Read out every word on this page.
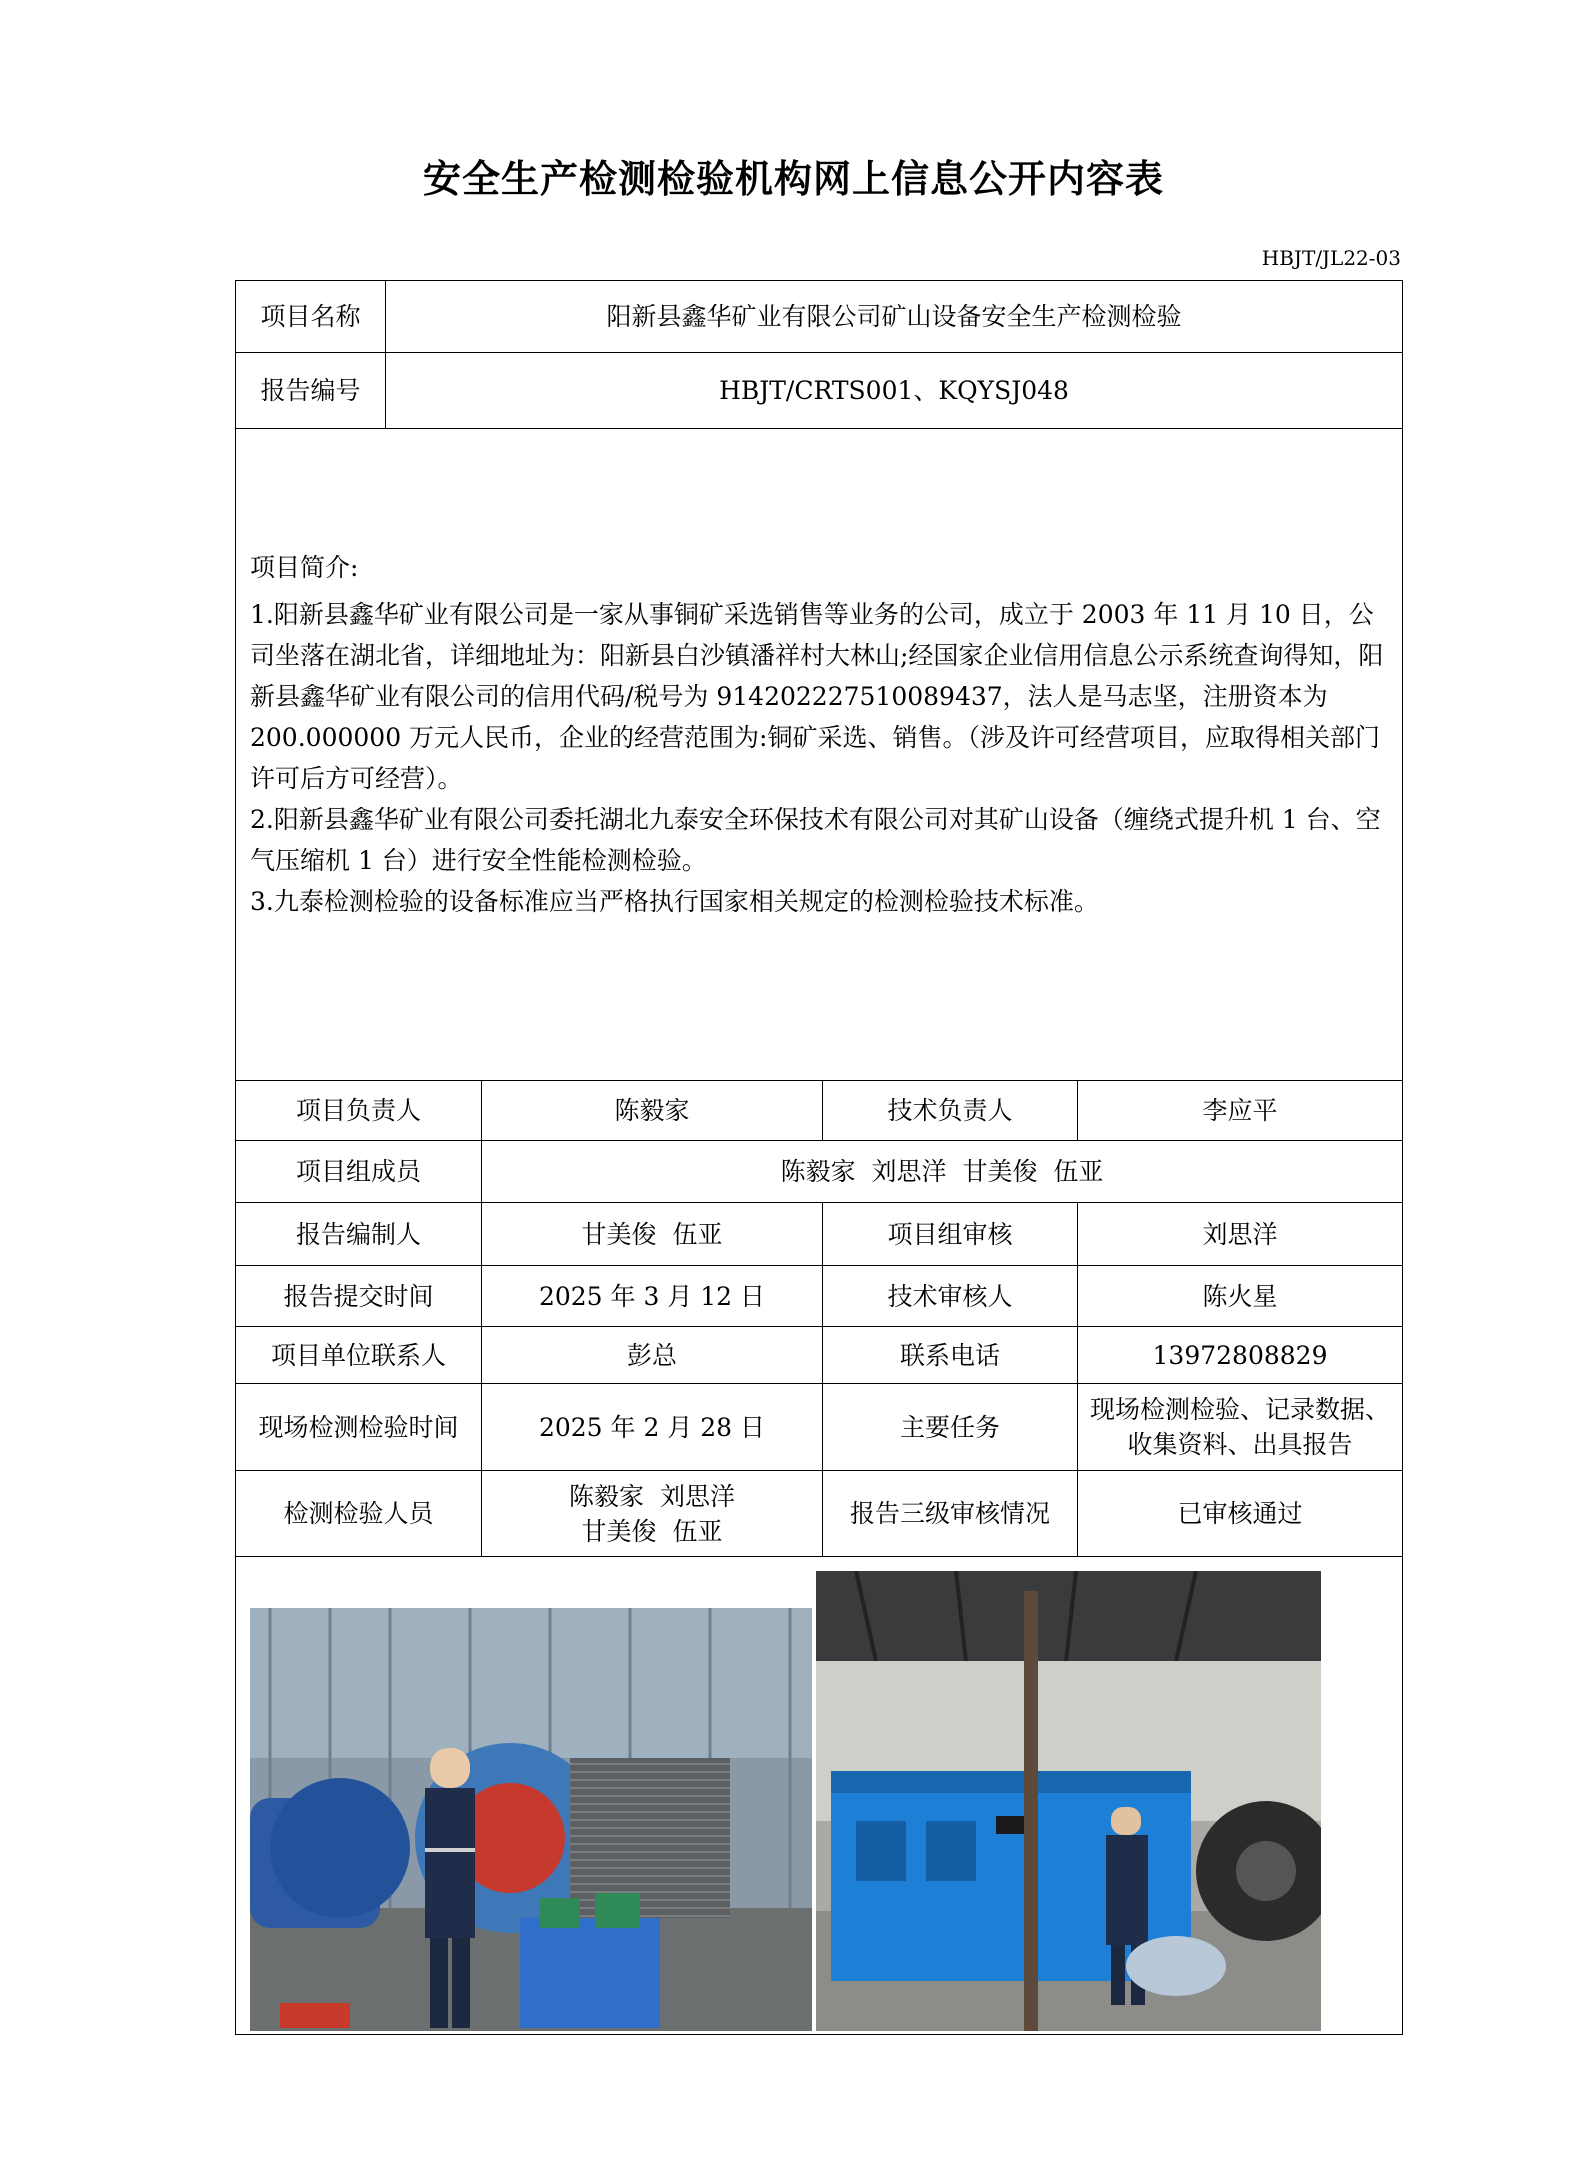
安全生产检测检验机构网上信息公开内容表
HBJT/JL22-03
项目名称	阳新县鑫华矿业有限公司矿山设备安全生产检测检验			
报告编号	HBJT/CRTS001、KQYSJ048			

项目简介:

1.阳新县鑫华矿业有限公司是一家从事铜矿采选销售等业务的公司，成立于 2003 年 11 月 10 日，公司坐落在湖北省，详细地址为：阳新县白沙镇潘祥村大林山;经国家企业信用信息公示系统查询得知，阳新县鑫华矿业有限公司的信用代码/税号为 914202227510089437，法人是马志坚，注册资本为 200.000000 万元人民币，企业的经营范围为:铜矿采选、销售。（涉及许可经营项目，应取得相关部门许可后方可经营）。

2.阳新县鑫华矿业有限公司委托湖北九泰安全环保技术有限公司对其矿山设备（缠绕式提升机 1 台、空气压缩机 1 台）进行安全性能检测检验。

3.九泰检测检验的设备标准应当严格执行国家相关规定的检测检验技术标准。				

项目负责人		陈毅家	技术负责人	李应平
项目组成员		陈毅家  刘思洋  甘美俊  伍亚		
报告编制人		甘美俊  伍亚	项目组审核	刘思洋
报告提交时间		2025 年 3 月 12 日	技术审核人	陈火星
项目单位联系人		彭总	联系电话	13972808829
现场检测检验时间		2025 年 2 月 28 日	主要任务	现场检测检验、记录数据、收集资料、出具报告
检测检验人员		陈毅家  刘思洋
甘美俊  伍亚	报告三级审核情况	已审核通过
